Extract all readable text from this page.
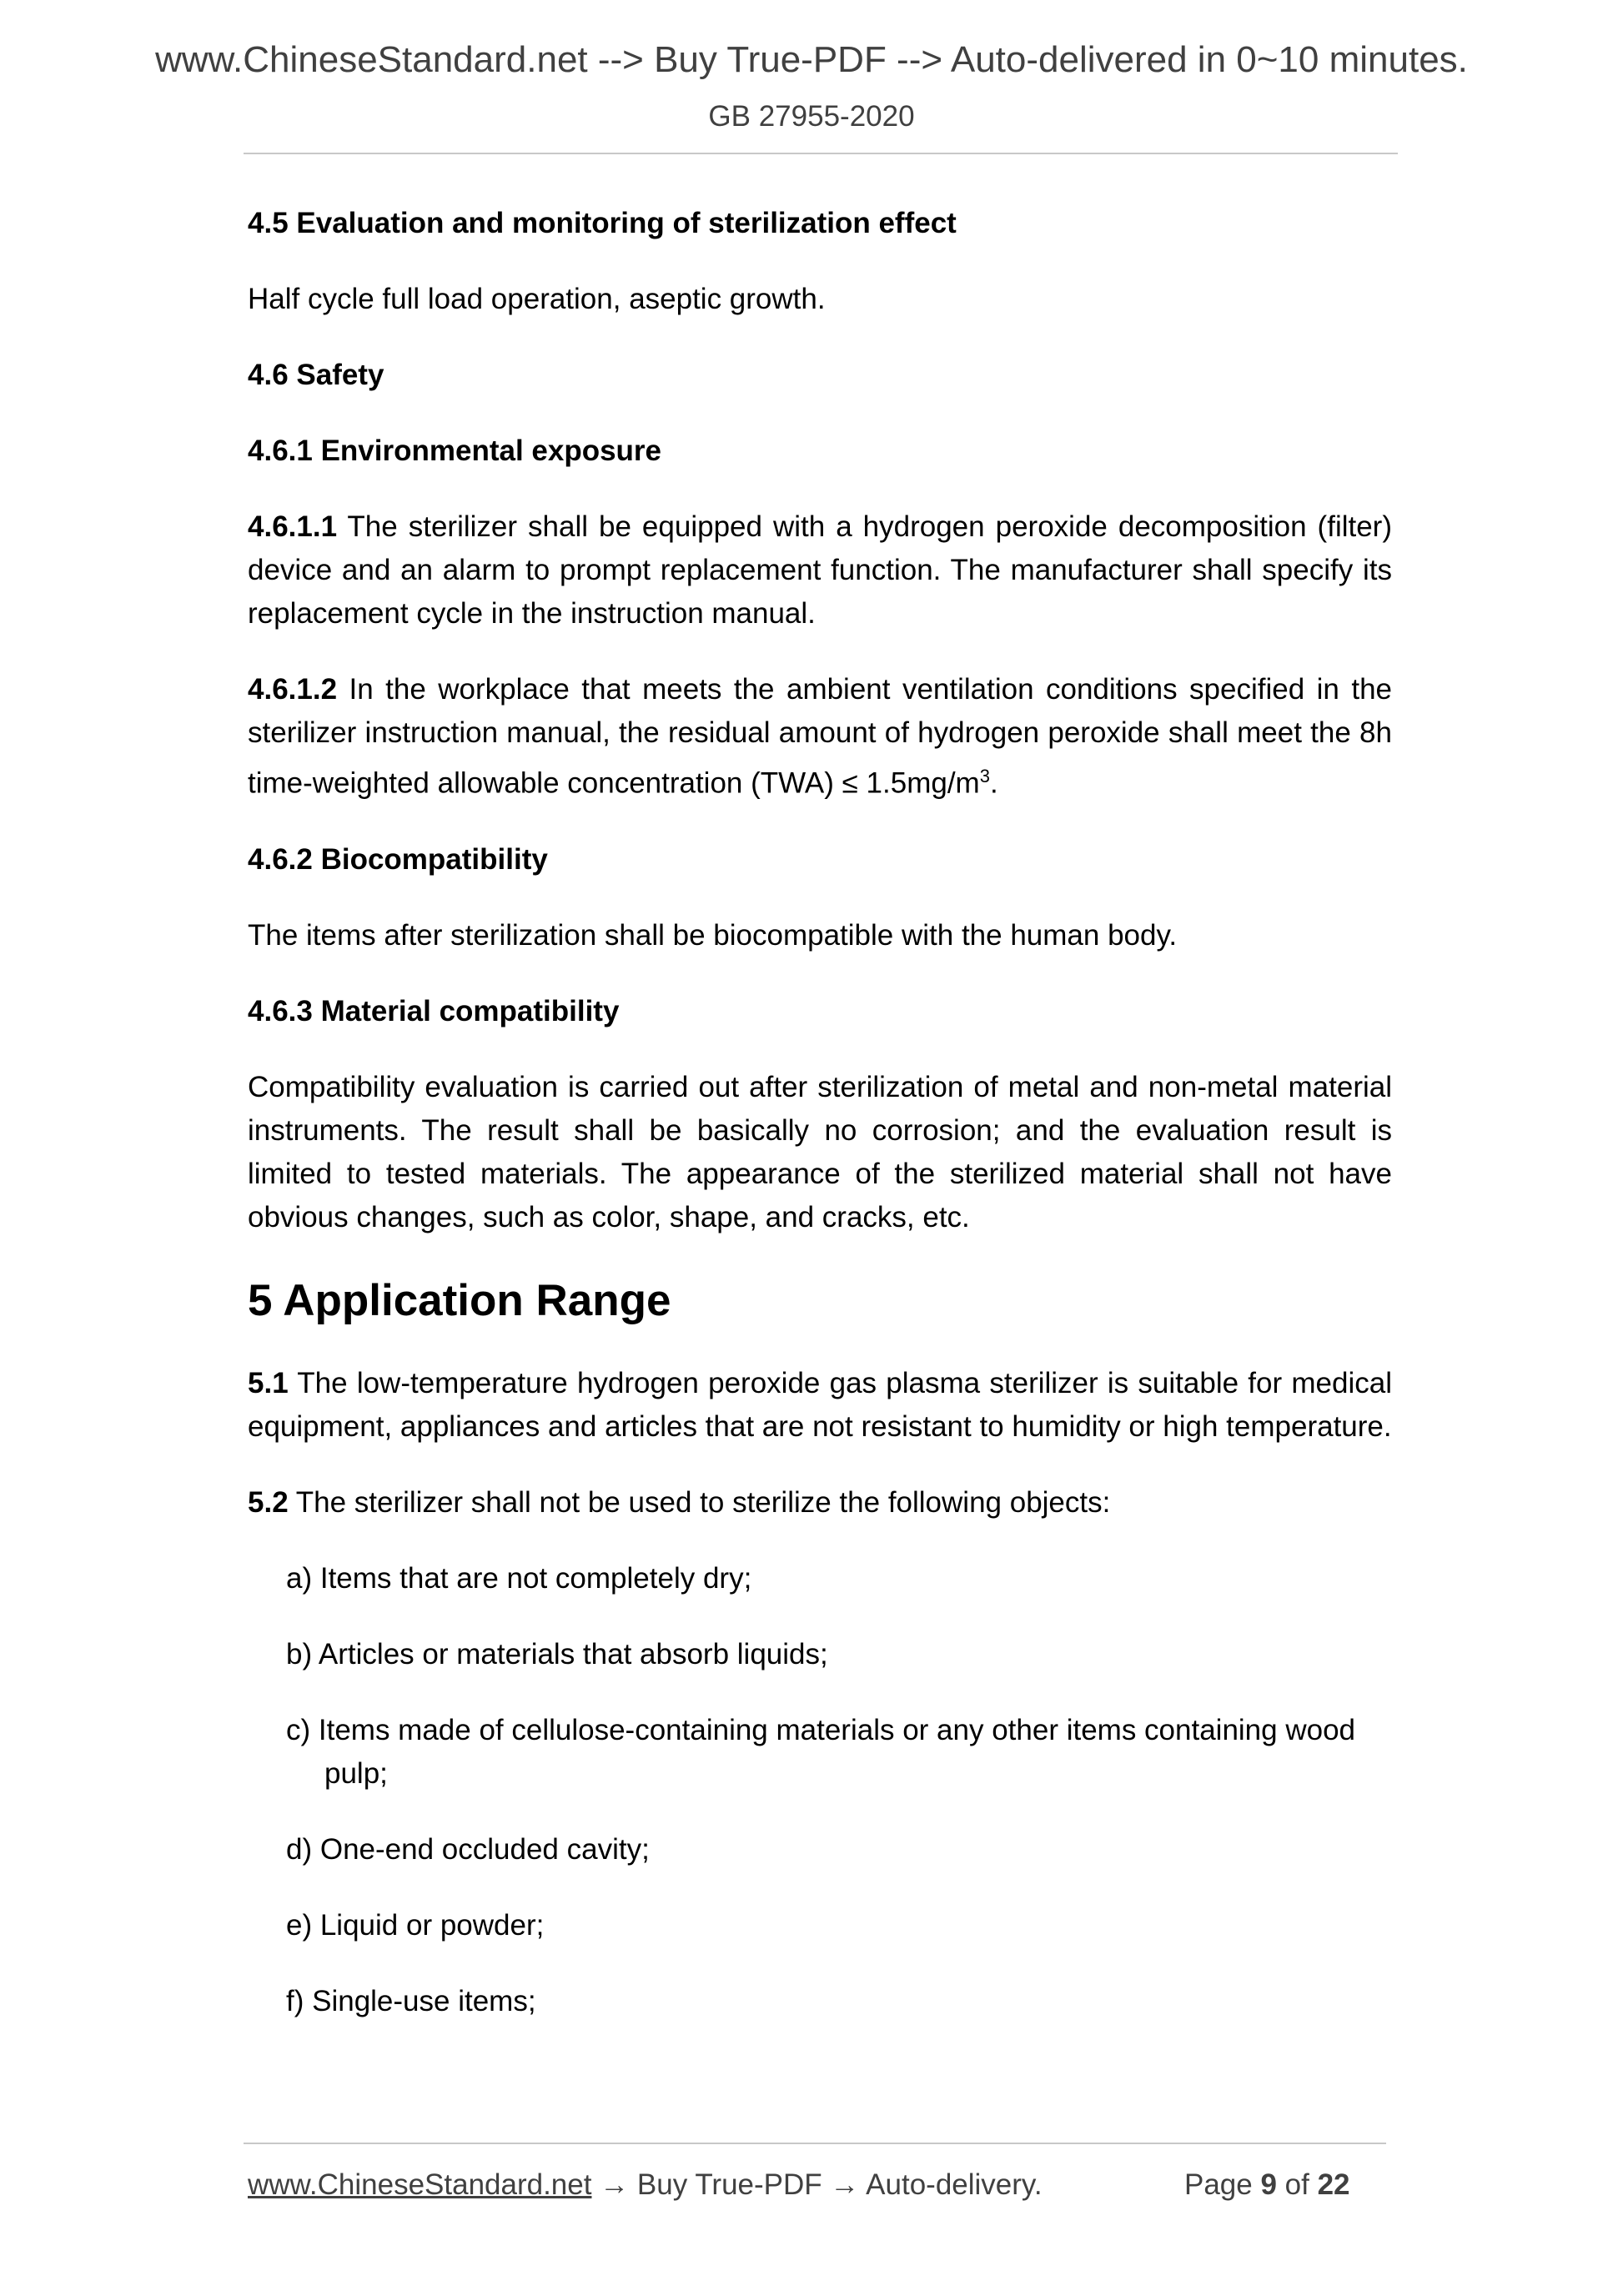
www.ChineseStandard.net --> Buy True-PDF --> Auto-delivered in 0~10 minutes.
GB 27955-2020
4.5 Evaluation and monitoring of sterilization effect
Half cycle full load operation, aseptic growth.
4.6 Safety
4.6.1 Environmental exposure
4.6.1.1 The sterilizer shall be equipped with a hydrogen peroxide decomposition (filter) device and an alarm to prompt replacement function. The manufacturer shall specify its replacement cycle in the instruction manual.
4.6.1.2 In the workplace that meets the ambient ventilation conditions specified in the sterilizer instruction manual, the residual amount of hydrogen peroxide shall meet the 8h time-weighted allowable concentration $(TWA) \le 1.5mg/m^3$.
4.6.2 Biocompatibility
The items after sterilization shall be biocompatible with the human body.
4.6.3 Material compatibility
Compatibility evaluation is carried out after sterilization of metal and non-metal material instruments. The result shall be basically no corrosion; and the evaluation result is limited to tested materials. The appearance of the sterilized material shall not have obvious changes, such as color, shape, and cracks, etc.
5 Application Range
5.1 The low-temperature hydrogen peroxide gas plasma sterilizer is suitable for medical equipment, appliances and articles that are not resistant to humidity or high temperature.
5.2 The sterilizer shall not be used to sterilize the following objects:
a) Items that are not completely dry;
b) Articles or materials that absorb liquids;
c) Items made of cellulose-containing materials or any other items containing wood pulp;
d) One-end occluded cavity;
e) Liquid or powder;
f) Single-use items;
www.ChineseStandard.net → Buy True-PDF → Auto-delivery.	Page 9 of 22
